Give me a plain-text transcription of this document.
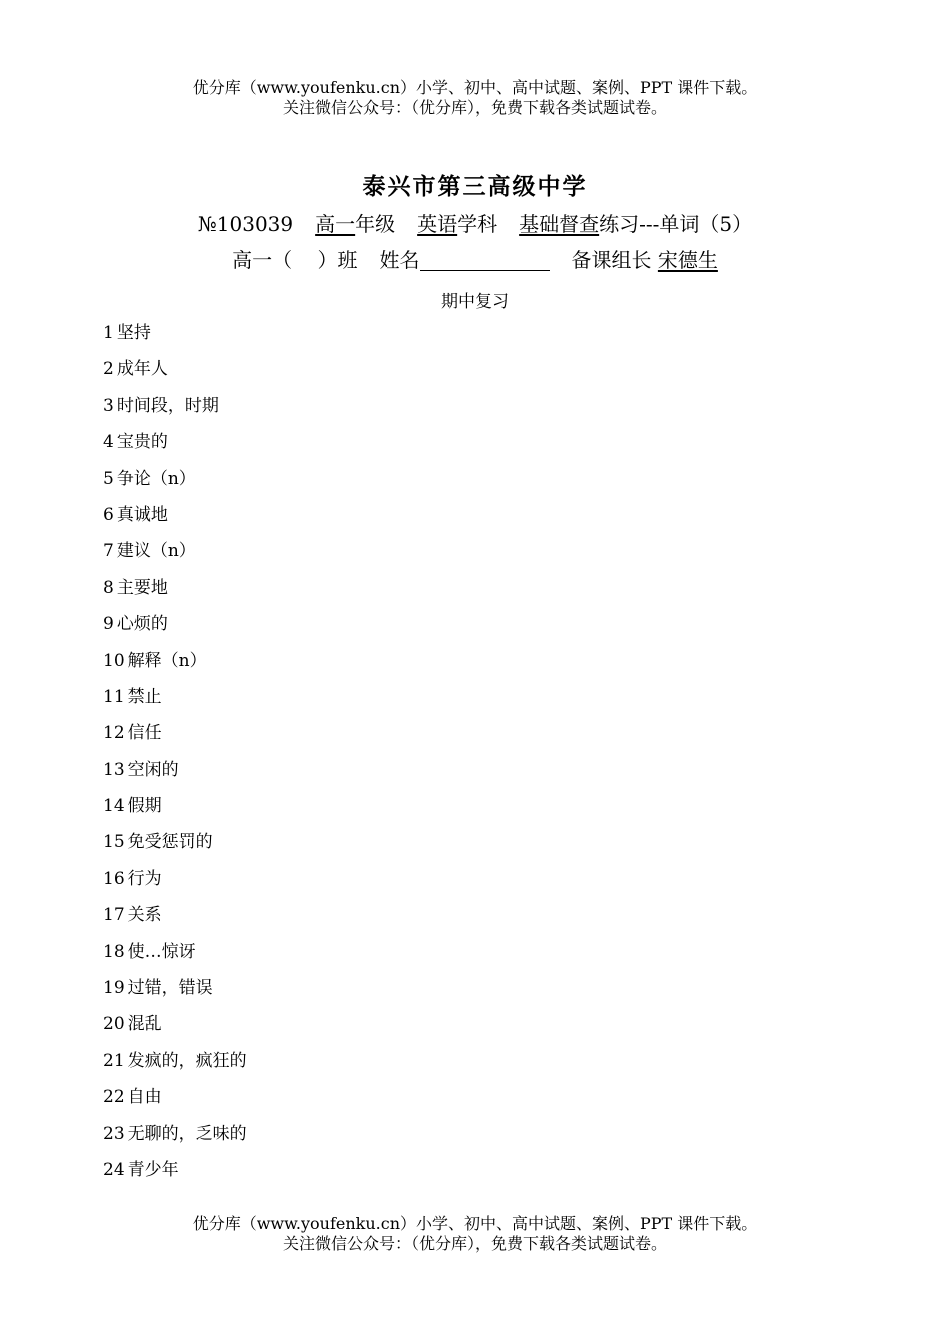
优分库（www.youfenku.cn）小学、初中、高中试题、案例、PPT 课件下载。
关注微信公众号：（优分库），免费下载各类试题试卷。
泰兴市第三高级中学
№103039 高一年级 英语学科 基础督查练习---单词（5）
高一（    ）班 姓名	备课组长 宋德生
期中复习
1 坚持
2 成年人
3 时间段，时期
4 宝贵的
5 争论（n）
6 真诚地
7 建议（n）
8 主要地
9 心烦的
10 解释（n）
11 禁止
12 信任
13 空闲的
14 假期
15 免受惩罚的
16 行为
17 关系
18 使…惊讶
19 过错，错误
20 混乱
21 发疯的，疯狂的
22 自由
23 无聊的，乏味的
24 青少年
优分库（www.youfenku.cn）小学、初中、高中试题、案例、PPT 课件下载。
关注微信公众号：（优分库），免费下载各类试题试卷。
